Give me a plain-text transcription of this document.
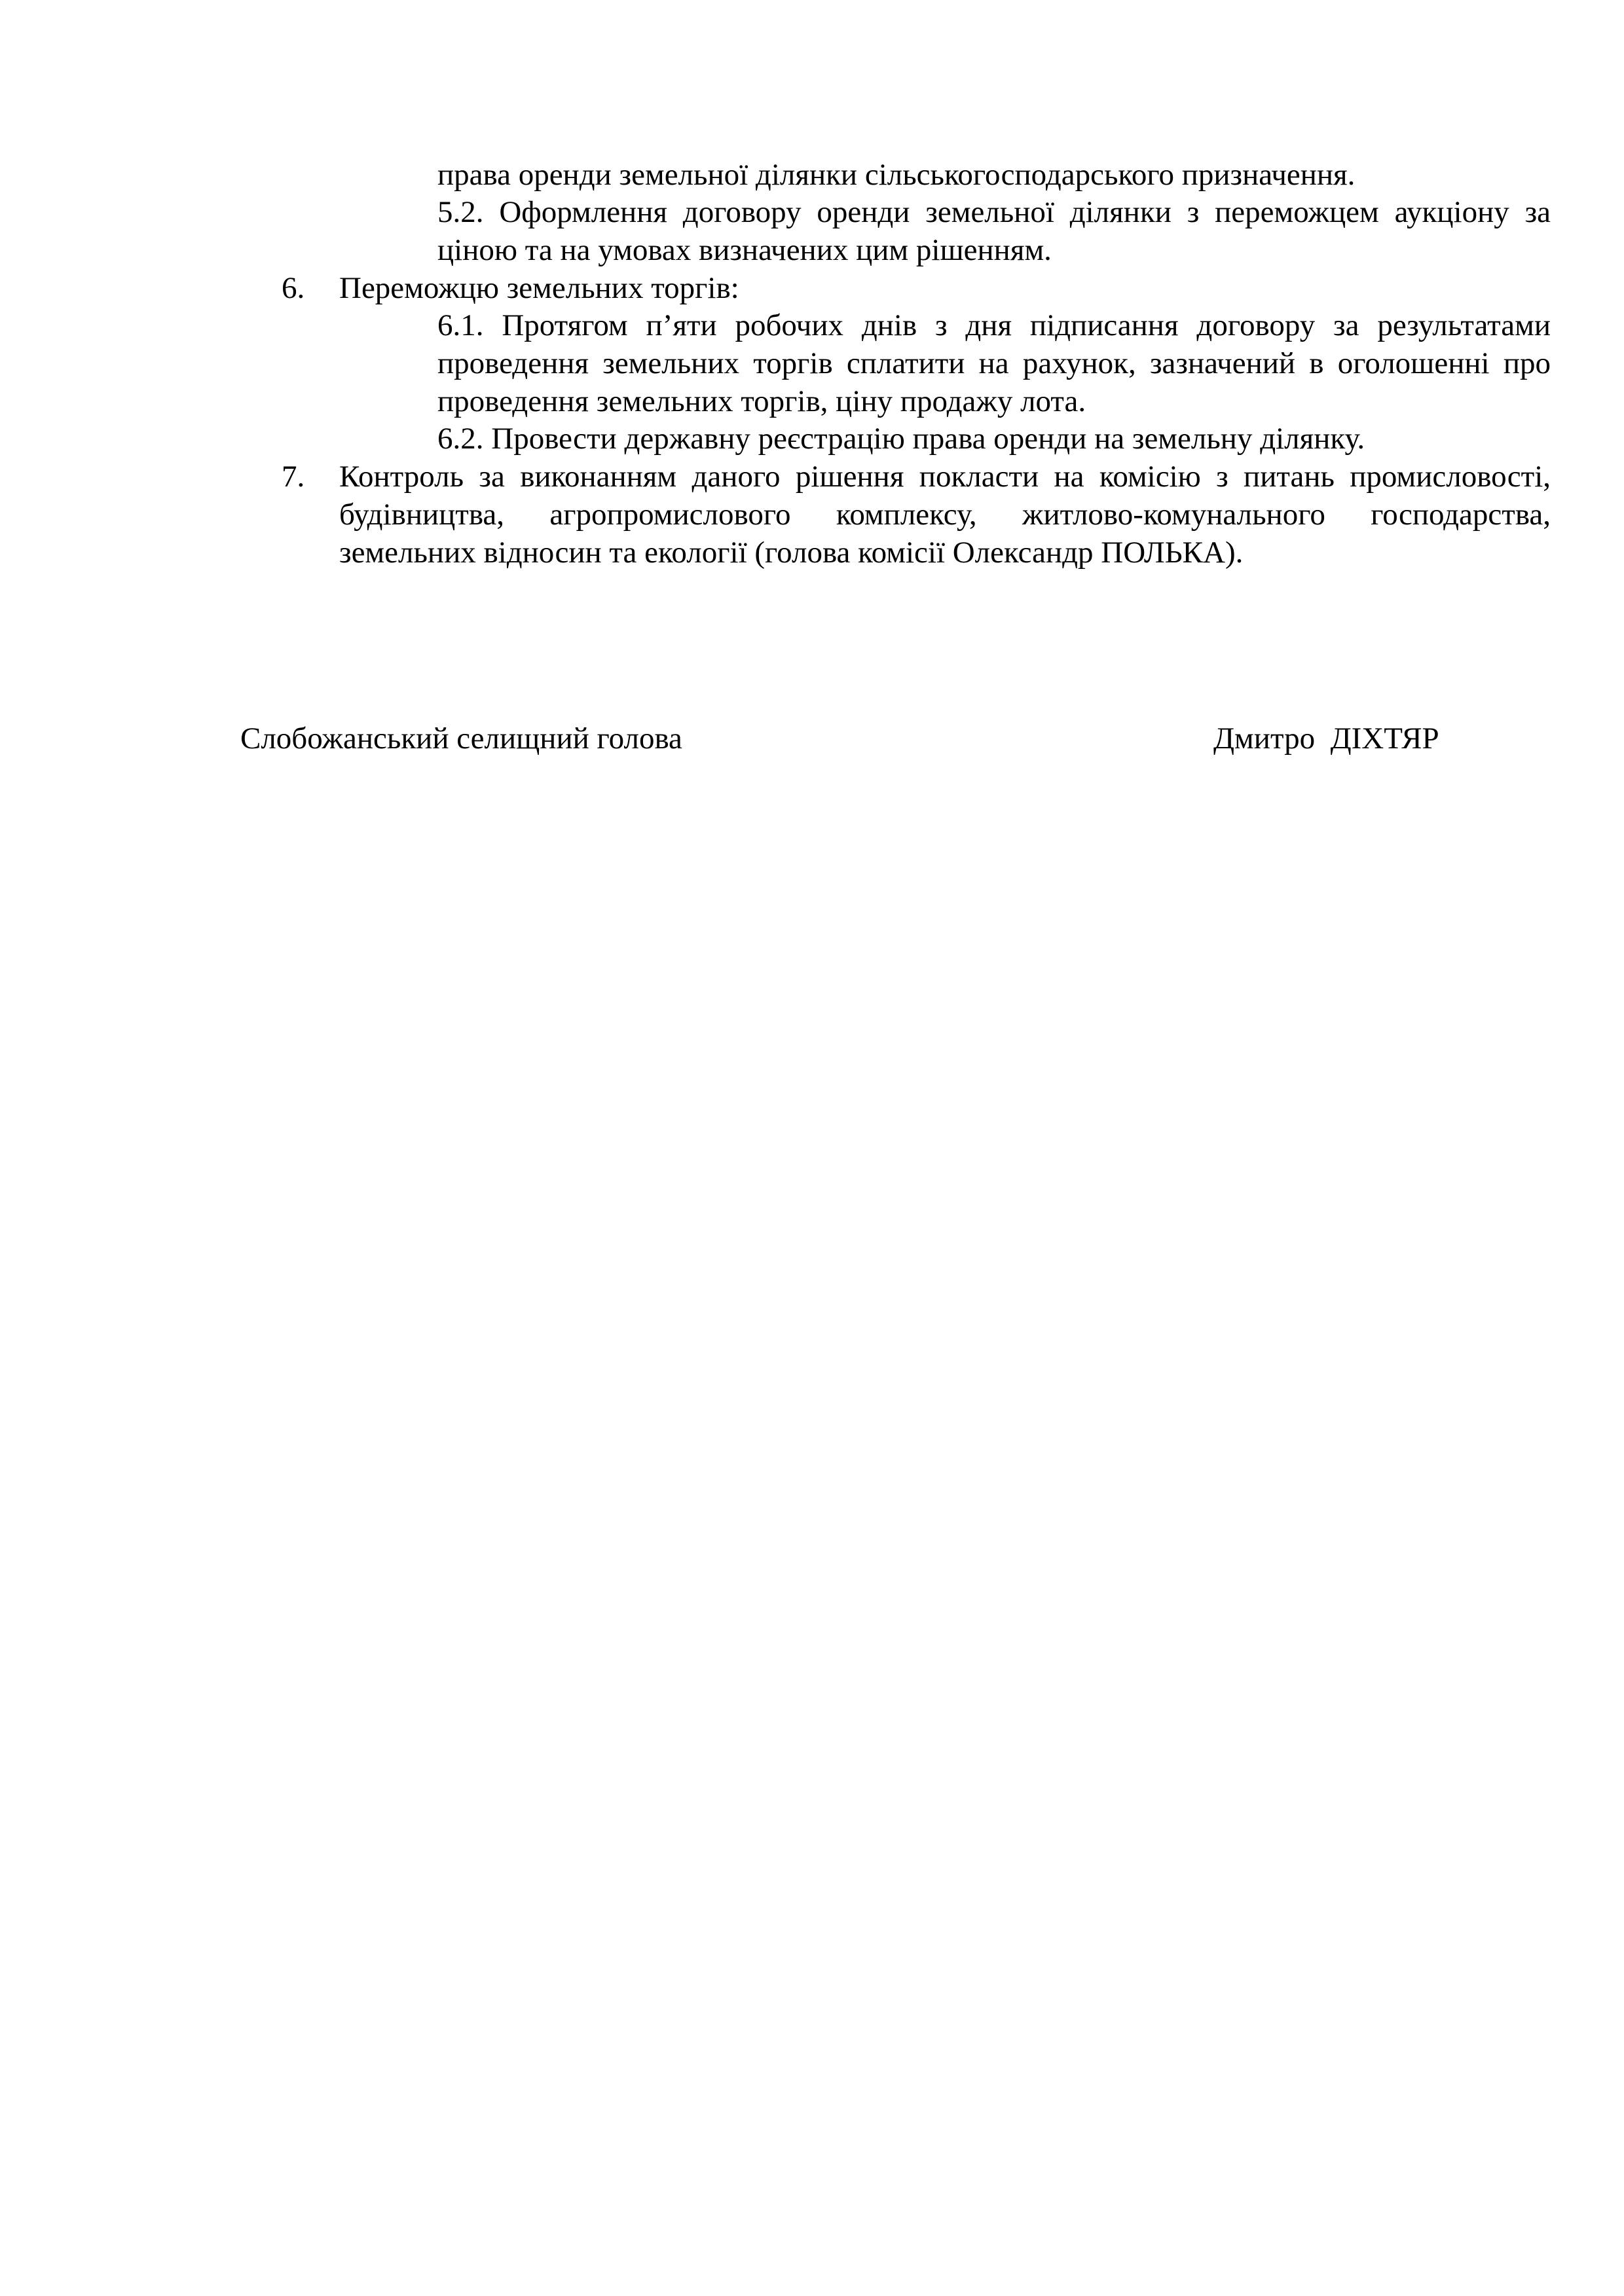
права оренди земельної ділянки сільськогосподарського призначення.
5.2. Оформлення договору оренди земельної ділянки з переможцем аукціону за
ціною та на умовах визначених цим рішенням.
6. Переможцю земельних торгів:
6.1. Протягом п’яти робочих днів з дня підписання договору за результатами
проведення земельних торгів сплатити на рахунок, зазначений в оголошенні про
проведення земельних торгів, ціну продажу лота.
6.2. Провести державну реєстрацію права оренди на земельну ділянку.
7. Контроль за виконанням даного рішення покласти на комісію з питань промисловості,
будівництва, агропромислового комплексу, житлово-комунального господарства,
земельних відносин та екології (голова комісії Олександр ПОЛЬКА).
Слобожанський селищний голова	Дмитро  ДІХТЯР
